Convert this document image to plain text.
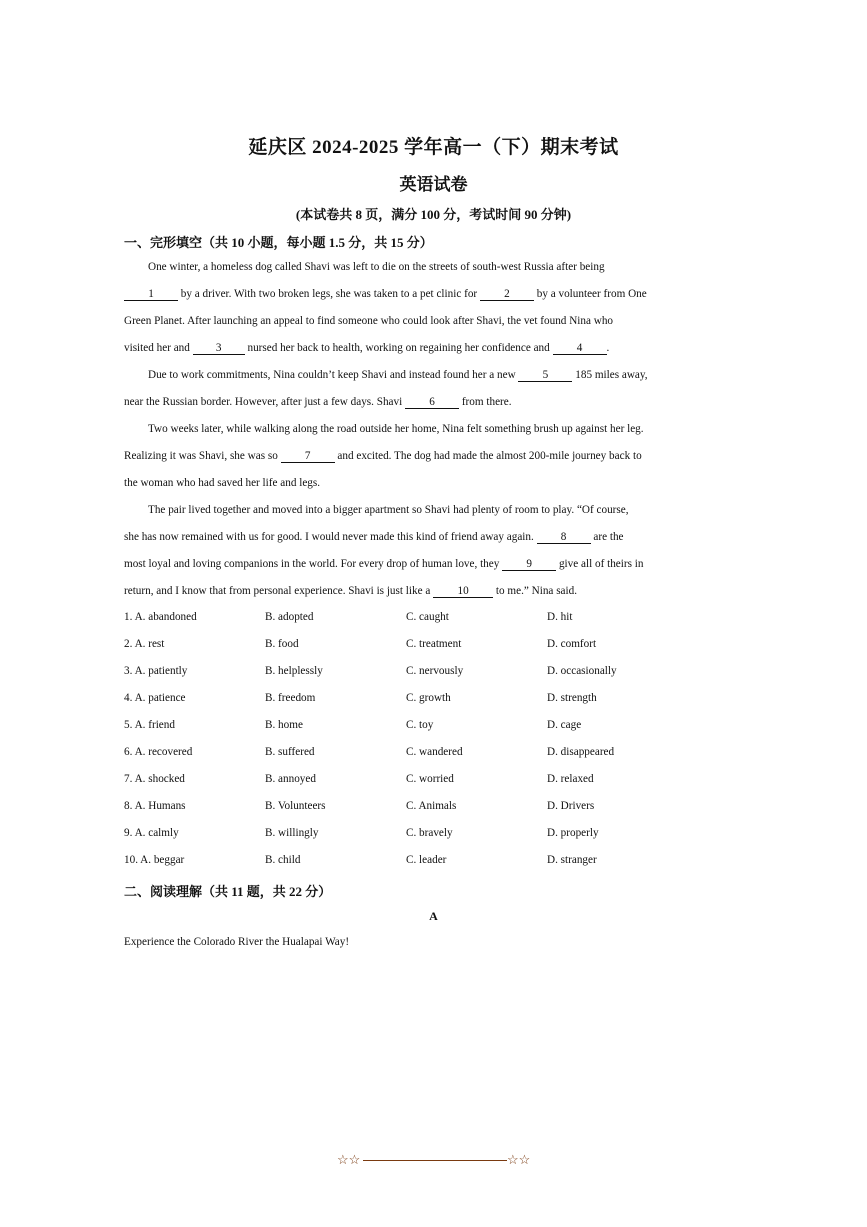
延庆区 2024-2025 学年高一（下）期末考试
英语试卷
(本试卷共 8 页，满分 100 分，考试时间 90 分钟)
一、完形填空（共 10 小题，每小题 1.5 分，共 15 分）
One winter, a homeless dog called Shavi was left to die on the streets of south-west Russia after being
1 by a driver. With two broken legs, she was taken to a pet clinic for 2 by a volunteer from One
Green Planet. After launching an appeal to find someone who could look after Shavi, the vet found Nina who
visited her and 3 nursed her back to health, working on regaining her confidence and 4 .
Due to work commitments, Nina couldn’t keep Shavi and instead found her a new 5 185 miles away,
near the Russian border. However, after just a few days. Shavi 6 from there.
Two weeks later, while walking along the road outside her home, Nina felt something brush up against her leg.
Realizing it was Shavi, she was so 7 and excited. The dog had made the almost 200-mile journey back to
the woman who had saved her life and legs.
The pair lived together and moved into a bigger apartment so Shavi had plenty of room to play. “Of course,
she has now remained with us for good. I would never made this kind of friend away again. 8 are the
most loyal and loving companions in the world. For every drop of human love, they 9 give all of theirs in
return, and I know that from personal experience. Shavi is just like a 10 to me.” Nina said.
1. A. abandoned	B. adopted	C. caught	D. hit
2. A. rest	B. food	C. treatment	D. comfort
3. A. patiently	B. helplessly	C. nervously	D. occasionally
4. A. patience	B. freedom	C. growth	D. strength
5. A. friend	B. home	C. toy	D. cage
6. A. recovered	B. suffered	C. wandered	D. disappeared
7. A. shocked	B. annoyed	C. worried	D. relaxed
8. A. Humans	B. Volunteers	C. Animals	D. Drivers
9. A. calmly	B. willingly	C. bravely	D. properly
10. A. beggar	B. child	C. leader	D. stranger
二、阅读理解（共 11 题，共 22 分）
A
Experience the Colorado River the Hualapai Way!
☆☆	☆☆
